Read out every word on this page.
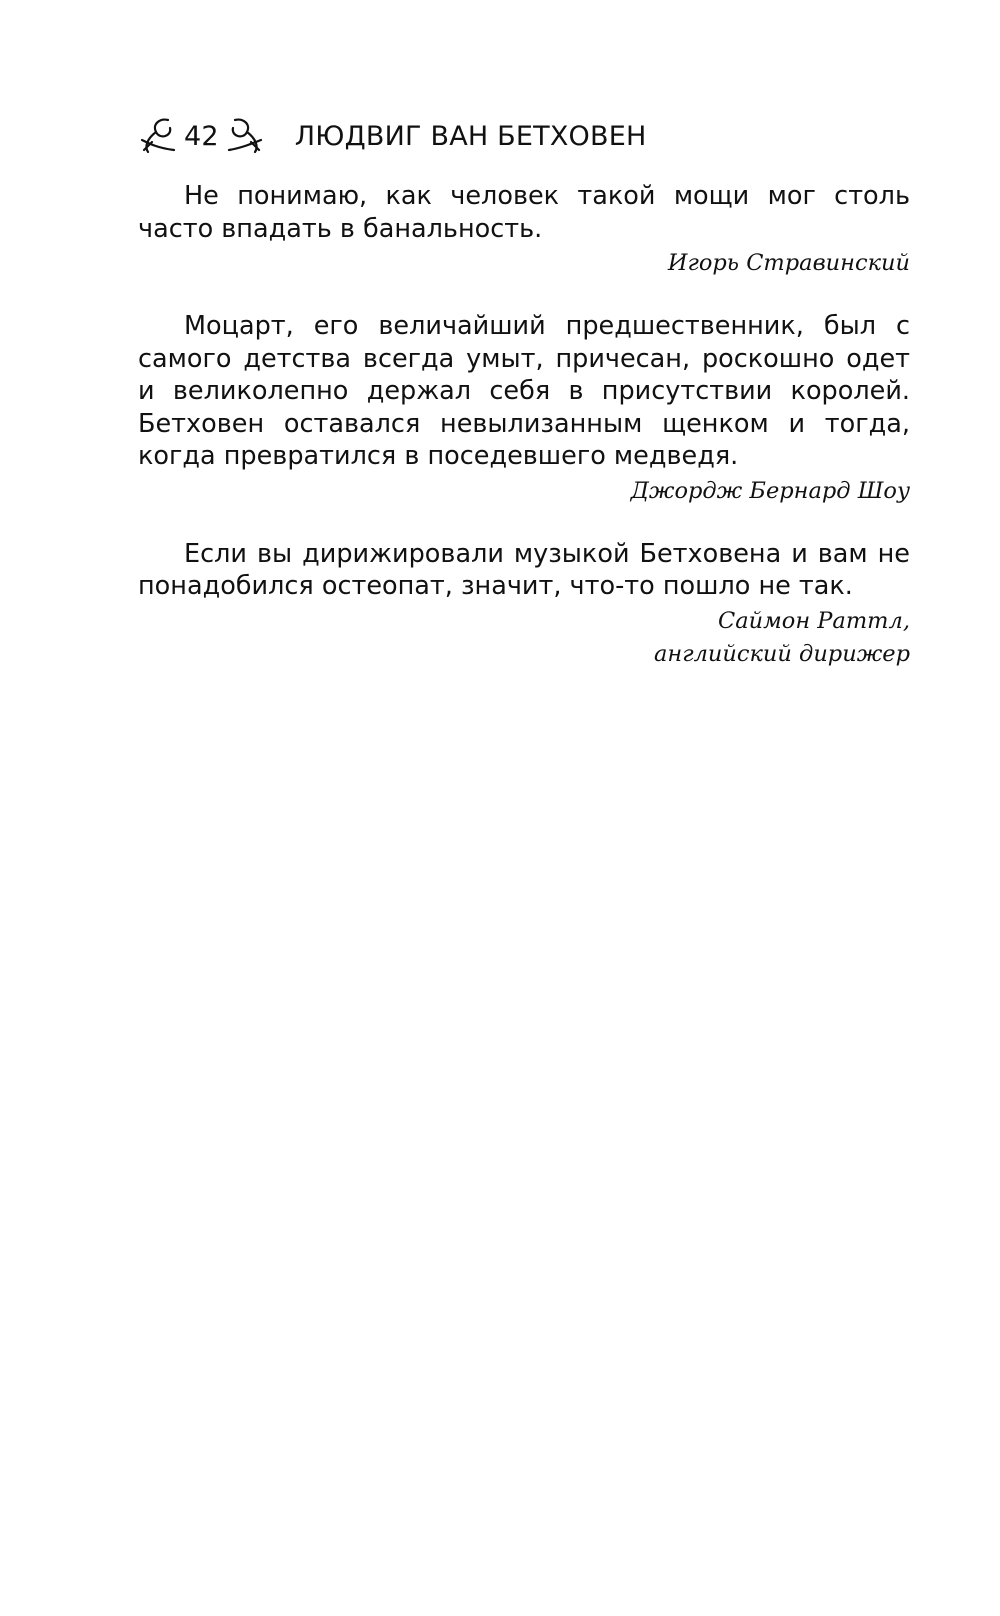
42	ЛЮДВИГ ВАН БЕТХОВЕН

Не понимаю, как человек такой мощи мог столь часто впадать в банальность.

Игорь Стравинский

Моцарт, его величайший предшественник, был с самого детства всегда умыт, причесан, роскошно одет и великолепно держал себя в присутствии королей. Бетховен оставался невылизанным щенком и тогда, когда превратился в поседевшего медведя.

Джордж Бернард Шоу

Если вы дирижировали музыкой Бетховена и вам не понадобился остеопат, значит, что-то пошло не так.

Саймон Раттл,
английский дирижер
